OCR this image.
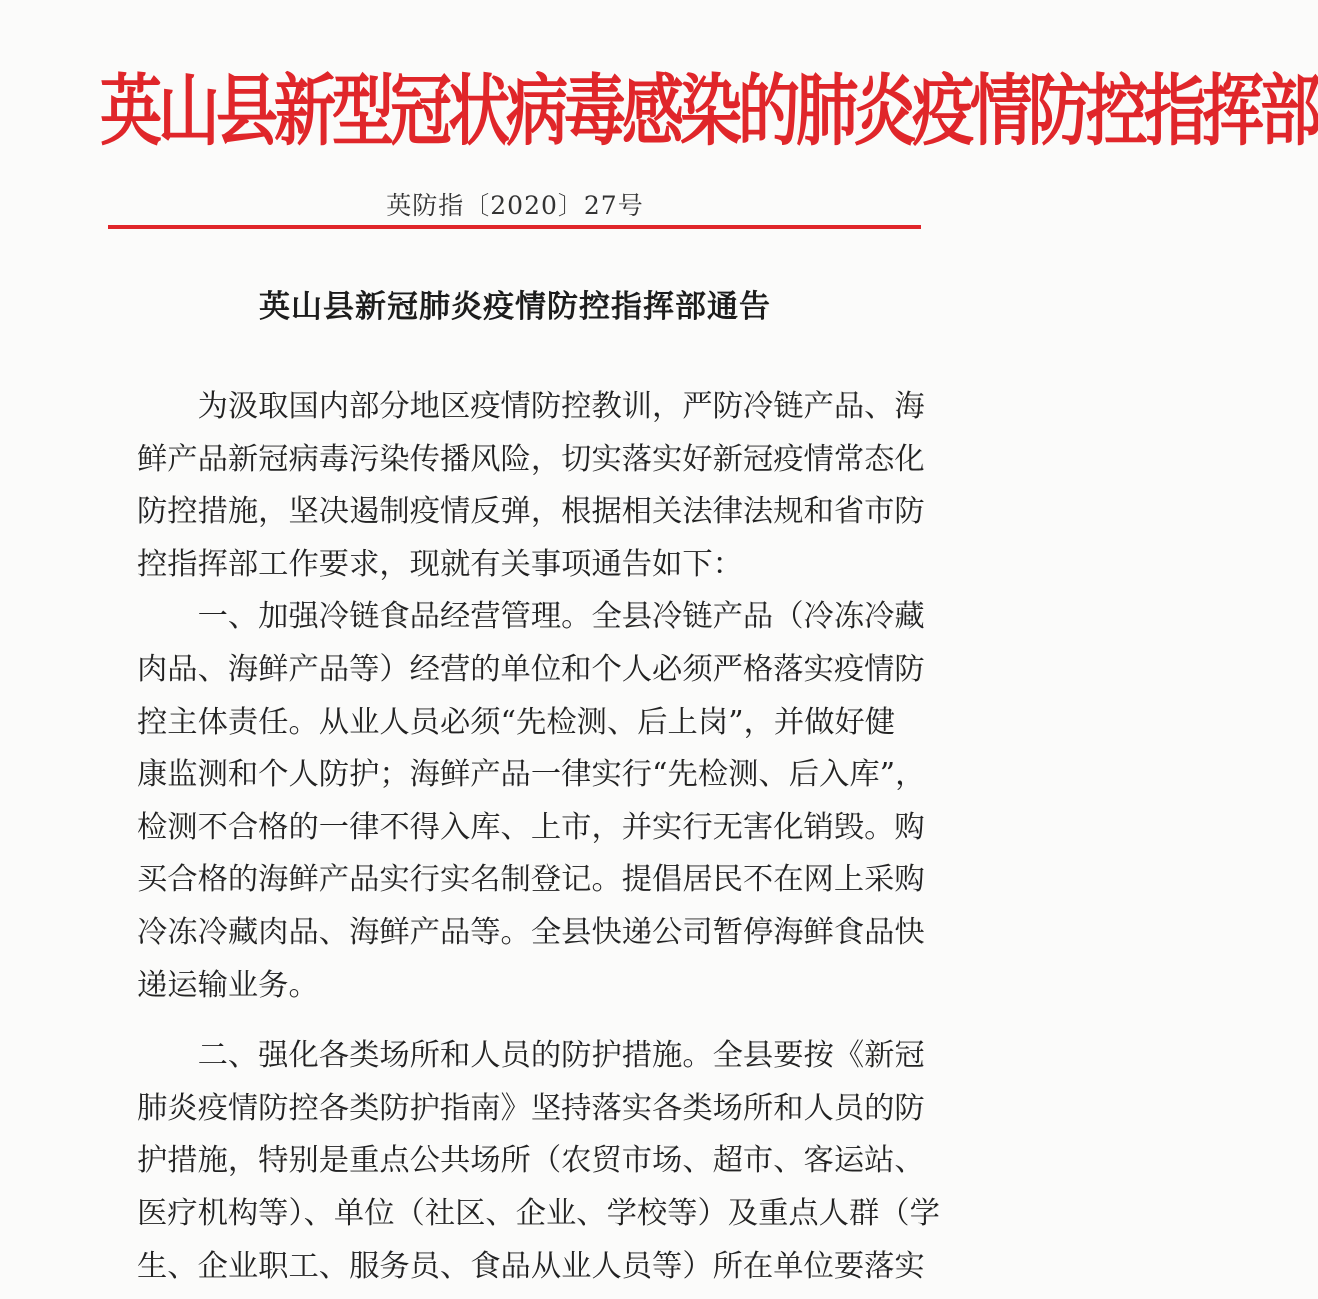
英山县新型冠状病毒感染的肺炎疫情防控指挥部
英防指〔2020〕27号
英山县新冠肺炎疫情防控指挥部通告
　　为汲取国内部分地区疫情防控教训，严防冷链产品、海
鲜产品新冠病毒污染传播风险，切实落实好新冠疫情常态化
防控措施，坚决遏制疫情反弹，根据相关法律法规和省市防
控指挥部工作要求，现就有关事项通告如下：
　　一、加强冷链食品经营管理。全县冷链产品（冷冻冷藏
肉品、海鲜产品等）经营的单位和个人必须严格落实疫情防
控主体责任。从业人员必须“先检测、后上岗”，并做好健
康监测和个人防护；海鲜产品一律实行“先检测、后入库”，
检测不合格的一律不得入库、上市，并实行无害化销毁。购
买合格的海鲜产品实行实名制登记。提倡居民不在网上采购
冷冻冷藏肉品、海鲜产品等。全县快递公司暂停海鲜食品快
递运输业务。
　　二、强化各类场所和人员的防护措施。全县要按《新冠
肺炎疫情防控各类防护指南》坚持落实各类场所和人员的防
护措施，特别是重点公共场所（农贸市场、超市、客运站、
医疗机构等）、单位（社区、企业、学校等）及重点人群（学
生、企业职工、服务员、食品从业人员等）所在单位要落实
